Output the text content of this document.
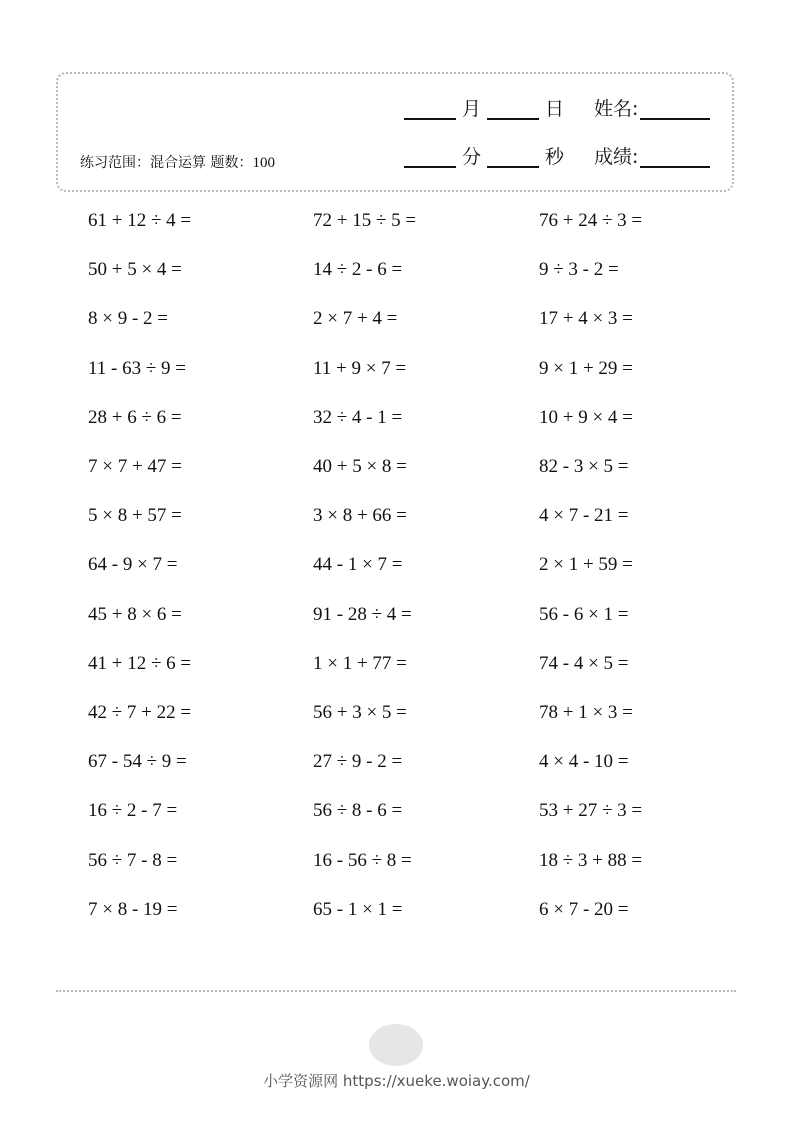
月	日 姓名:
分	秒 成绩:
练习范围：混合运算 题数：100
61 + 12 ÷ 4 =	72 + 15 ÷ 5 =	76 + 24 ÷ 3 =
50 + 5 × 4 =	14 ÷ 2 - 6 =	9 ÷ 3 - 2 =
8 × 9 - 2 =	2 × 7 + 4 =	17 + 4 × 3 =
11 - 63 ÷ 9 =	11 + 9 × 7 =	9 × 1 + 29 =
28 + 6 ÷ 6 =	32 ÷ 4 - 1 =	10 + 9 × 4 =
7 × 7 + 47 =	40 + 5 × 8 =	82 - 3 × 5 =
5 × 8 + 57 =	3 × 8 + 66 =	4 × 7 - 21 =
64 - 9 × 7 =	44 - 1 × 7 =	2 × 1 + 59 =
45 + 8 × 6 =	91 - 28 ÷ 4 =	56 - 6 × 1 =
41 + 12 ÷ 6 =	1 × 1 + 77 =	74 - 4 × 5 =
42 ÷ 7 + 22 =	56 + 3 × 5 =	78 + 1 × 3 =
67 - 54 ÷ 9 =	27 ÷ 9 - 2 =	4 × 4 - 10 =
16 ÷ 2 - 7 =	56 ÷ 8 - 6 =	53 + 27 ÷ 3 =
56 ÷ 7 - 8 =	16 - 56 ÷ 8 =	18 ÷ 3 + 88 =
7 × 8 - 19 =	65 - 1 × 1 =	6 × 7 - 20 =
小学资源网 https://xueke.woiay.com/
